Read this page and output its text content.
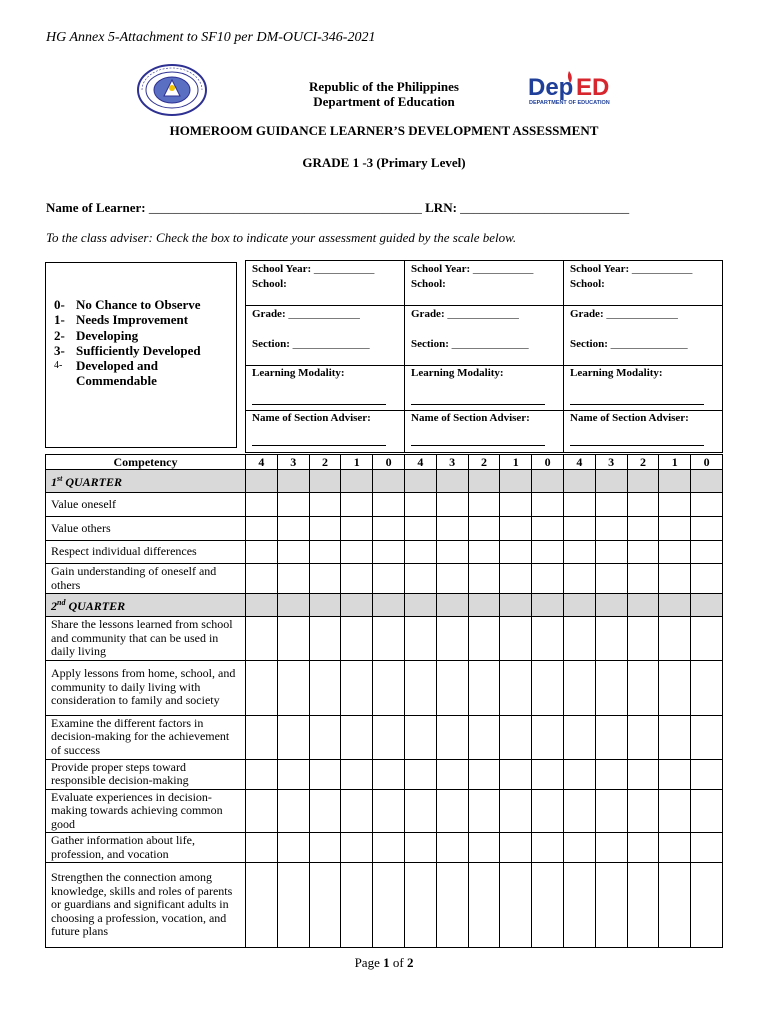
HG Annex 5-Attachment to SF10 per DM-OUCI-346-2021
Republic of the Philippines
Department of Education
Dep ED
DEPARTMENT OF EDUCATION
HOMEROOM GUIDANCE LEARNER’S DEVELOPMENT ASSESSMENT
GRADE 1 -3 (Primary Level)
Name of Learner: __________________________________________ LRN: __________________________
To the class adviser: Check the box to indicate your assessment guided by the scale below.
0- No Chance to Observe
1- Needs Improvement
2- Developing
3- Sufficiently Developed
4-	Developed and
Commendable
School Year: ___________
School:
Grade: _____________
Section: ______________
Learning Modality:
Name of Section Adviser:
School Year: ___________
School:
Grade: _____________
Section: ______________
Learning Modality:
Name of Section Adviser:
School Year: ___________
School:
Grade: _____________
Section: ______________
Learning Modality:
Name of Section Adviser:
Competency	4	3	2	1	0	4	3	2	1	0	4	3	2	1	0
1st QUARTER															
Value oneself															
Value others															
Respect individual differences															
Gain understanding of oneself and others															
2nd QUARTER															
Share the lessons learned from school and community that can be used in daily living															
Apply lessons from home, school, and community to daily living with consideration to family and society															
Examine the different factors in decision-making for the achievement of success															
Provide proper steps toward responsible decision-making															
Evaluate experiences in decision-making towards achieving common good															
Gather information about life, profession, and vocation															
Strengthen the connection among knowledge, skills and roles of parents or guardians and significant adults in choosing a profession, vocation, and future plans															
Page 1 of 2
